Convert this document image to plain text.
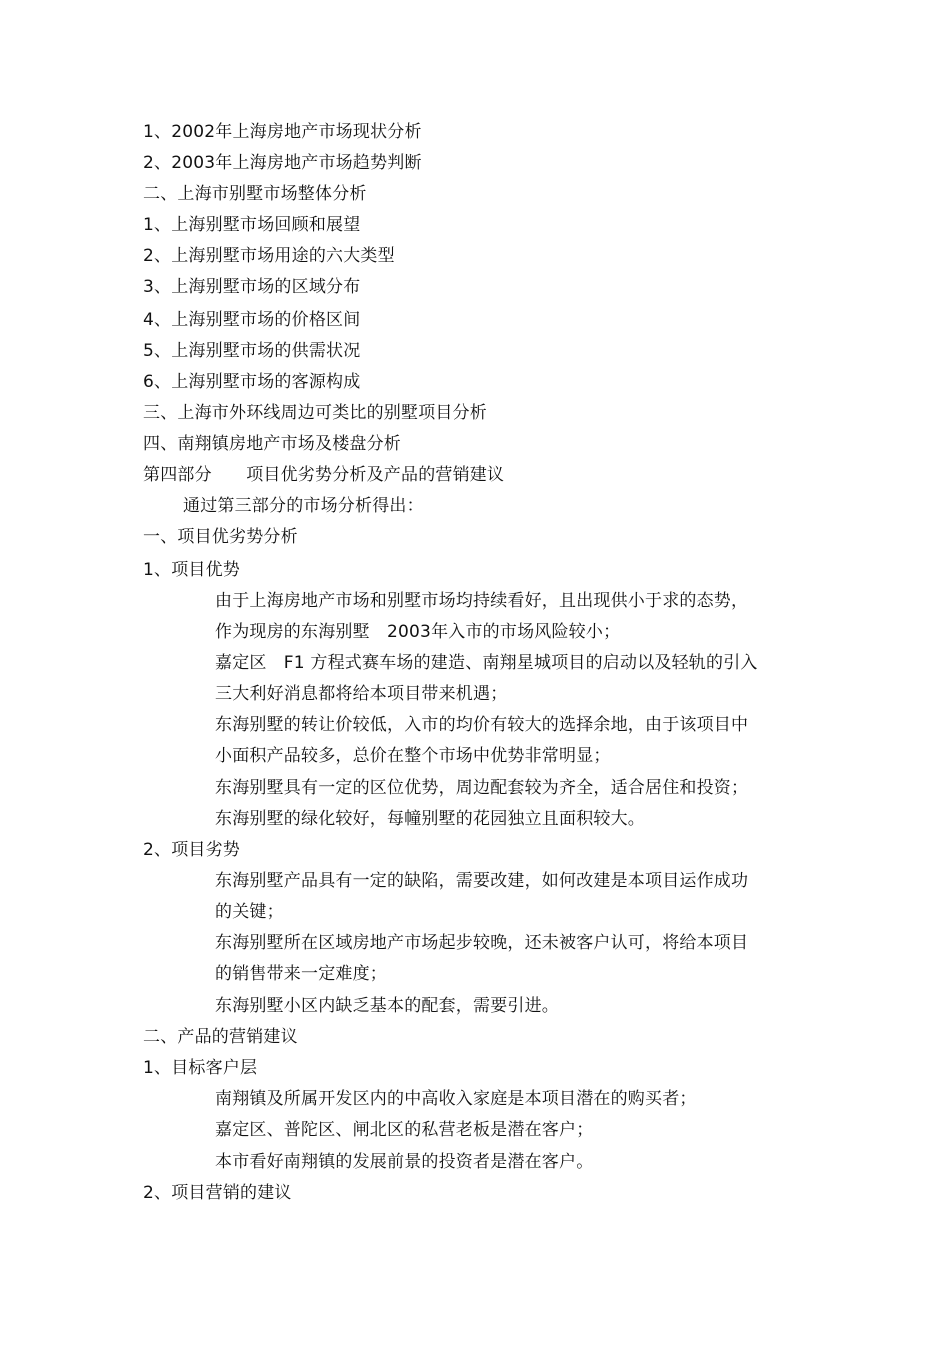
1、2002年上海房地产市场现状分析
2、2003年上海房地产市场趋势判断
二、上海市别墅市场整体分析
1、上海别墅市场回顾和展望
2、上海别墅市场用途的六大类型
3、上海别墅市场的区域分布
4、上海别墅市场的价格区间
5、上海别墅市场的供需状况
6、上海别墅市场的客源构成
三、上海市外环线周边可类比的别墅项目分析
四、南翔镇房地产市场及楼盘分析
第四部分　　项目优劣势分析及产品的营销建议
通过第三部分的市场分析得出：
一、项目优劣势分析
1、项目优势
由于上海房地产市场和别墅市场均持续看好，且出现供小于求的态势，
作为现房的东海别墅　2003年入市的市场风险较小；
嘉定区　F1 方程式赛车场的建造、南翔星城项目的启动以及轻轨的引入
三大利好消息都将给本项目带来机遇；
东海别墅的转让价较低，入市的均价有较大的选择余地，由于该项目中
小面积产品较多，总价在整个市场中优势非常明显；
东海别墅具有一定的区位优势，周边配套较为齐全，适合居住和投资；
东海别墅的绿化较好，每幢别墅的花园独立且面积较大。
2、项目劣势
东海别墅产品具有一定的缺陷，需要改建，如何改建是本项目运作成功
的关键；
东海别墅所在区域房地产市场起步较晚，还未被客户认可，将给本项目
的销售带来一定难度；
东海别墅小区内缺乏基本的配套，需要引进。
二、产品的营销建议
1、目标客户层
南翔镇及所属开发区内的中高收入家庭是本项目潜在的购买者；
嘉定区、普陀区、闸北区的私营老板是潜在客户；
本市看好南翔镇的发展前景的投资者是潜在客户。
2、项目营销的建议
